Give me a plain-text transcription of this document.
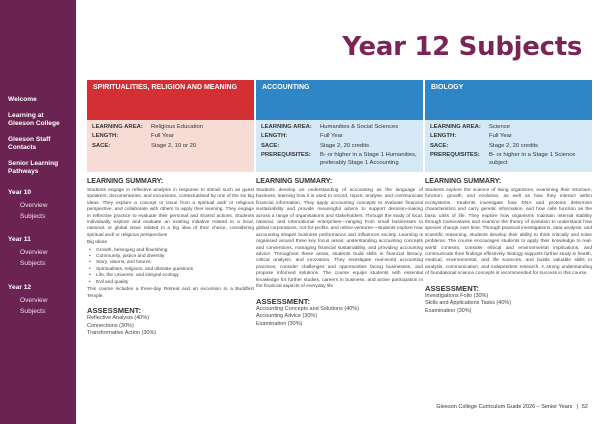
Welcome
Learning at Gleeson College
Gleeson Staff Contacts
Senior Learning Pathways
Year 10
Overview
Subjects
Year 11
Overview
Subjects
Year 12
Overview
Subjects
Year 12 Subjects
SPIRITUALITIES, RELIGION AND MEANING
LEARNING AREA:	Religious Education
LENGTH:	Full Year
SACE:	Stage 2, 10 or 20
LEARNING SUMMARY:

Students engage in reflective analysis in response to stimuli such as guest speakers, documentaries, and excursions, contextualised by one of the six big ideas. They explore a concept or issue from a spiritual and/ or religious perspective, and collaborate with others to apply their learning. They engage in reflective practice to evaluate their personal and shared actions. Students individually explore and evaluate an existing initiative related to a local, national, or global issue related to a big idea of their choice, considering spiritual and/ or religious perspectives

Big Ideas

• Growth, belonging and flourishing
• Community, justice and diversity
• Story, visions, and futures
• Spiritualities, religions, and ultimate questions
• Life, the Universe, and integral ecology
• Evil and quality

This course includes a three-day Retreat and an excursion to a Buddhist Temple.

ASSESSMENT:
Reflective Analysis (40%)
Connections (30%)
Transformative Action (30%)
ACCOUNTING
LEARNING AREA:	Humanities & Social Sciences
LENGTH:	Full Year
SACE:	Stage 2, 20 credits
PREREQUISITES:	B- or higher in a Stage 1 Humanities, preferably Stage 1 Accounting
LEARNING SUMMARY:

Students develop an understanding of accounting as the language of business, learning how it is used to record, report, analyse, and communicate financial information. They apply accounting concepts to evaluate financial sustainability and provide meaningful advice to support decision-making across a range of organisations and stakeholders. Through the study of local, national, and international enterprises—ranging from small businesses to global corporations, not-for-profits, and online ventures—students explore how accounting shapes business performance and influences society. Learning is organised around three key focus areas: understanding accounting concepts and conventions, managing financial sustainability, and providing accounting advice. Throughout these areas, students build skills in financial literacy, critical analysis, and innovation. They investigate real-world accounting practices, consider challenges and opportunities facing businesses, and propose informed solutions. The course equips students with essential knowledge for further studies, careers in business, and active participation in the financial aspects of everyday life.

ASSESSMENT:
Accounting Concepts and Solutions (40%)
Accounting Advice (30%)
Examination (30%)
BIOLOGY
LEARNING AREA:	Science
LENGTH:	Full Year
SACE:	Stage 2, 20 credits
PREREQUISITES:	B- or higher in a Stage 1 Science subject
LEARNING SUMMARY:

Students explore the science of living organisms, examining their structure, function, growth, and evolution, as well as how they interact within ecosystems. Students investigate how DNA and proteins determine characteristics and carry genetic information, and how cells function as the basic units of life. They explore how organisms maintain internal stability through homeostasis and examine the theory of evolution to understand how species change over time. Through practical investigations, data analysis, and scientific reasoning, students develop their ability to think critically and solve problems. The course encourages students to apply their knowledge to real-world contexts, consider ethical and environmental implications, and communicate their findings effectively. Biology supports further study in health, medical, environmental, and life sciences, and builds valuable skills in analysis, communication, and independent research. A strong understanding of foundational science concepts is recommended for success in this course.

ASSESSMENT:
Investigations Folio (30%)
Skills and Applications Tasks (40%)
Examination (30%)
Gleeson College Curriculum Guide 2026 – Senior Years | 52
